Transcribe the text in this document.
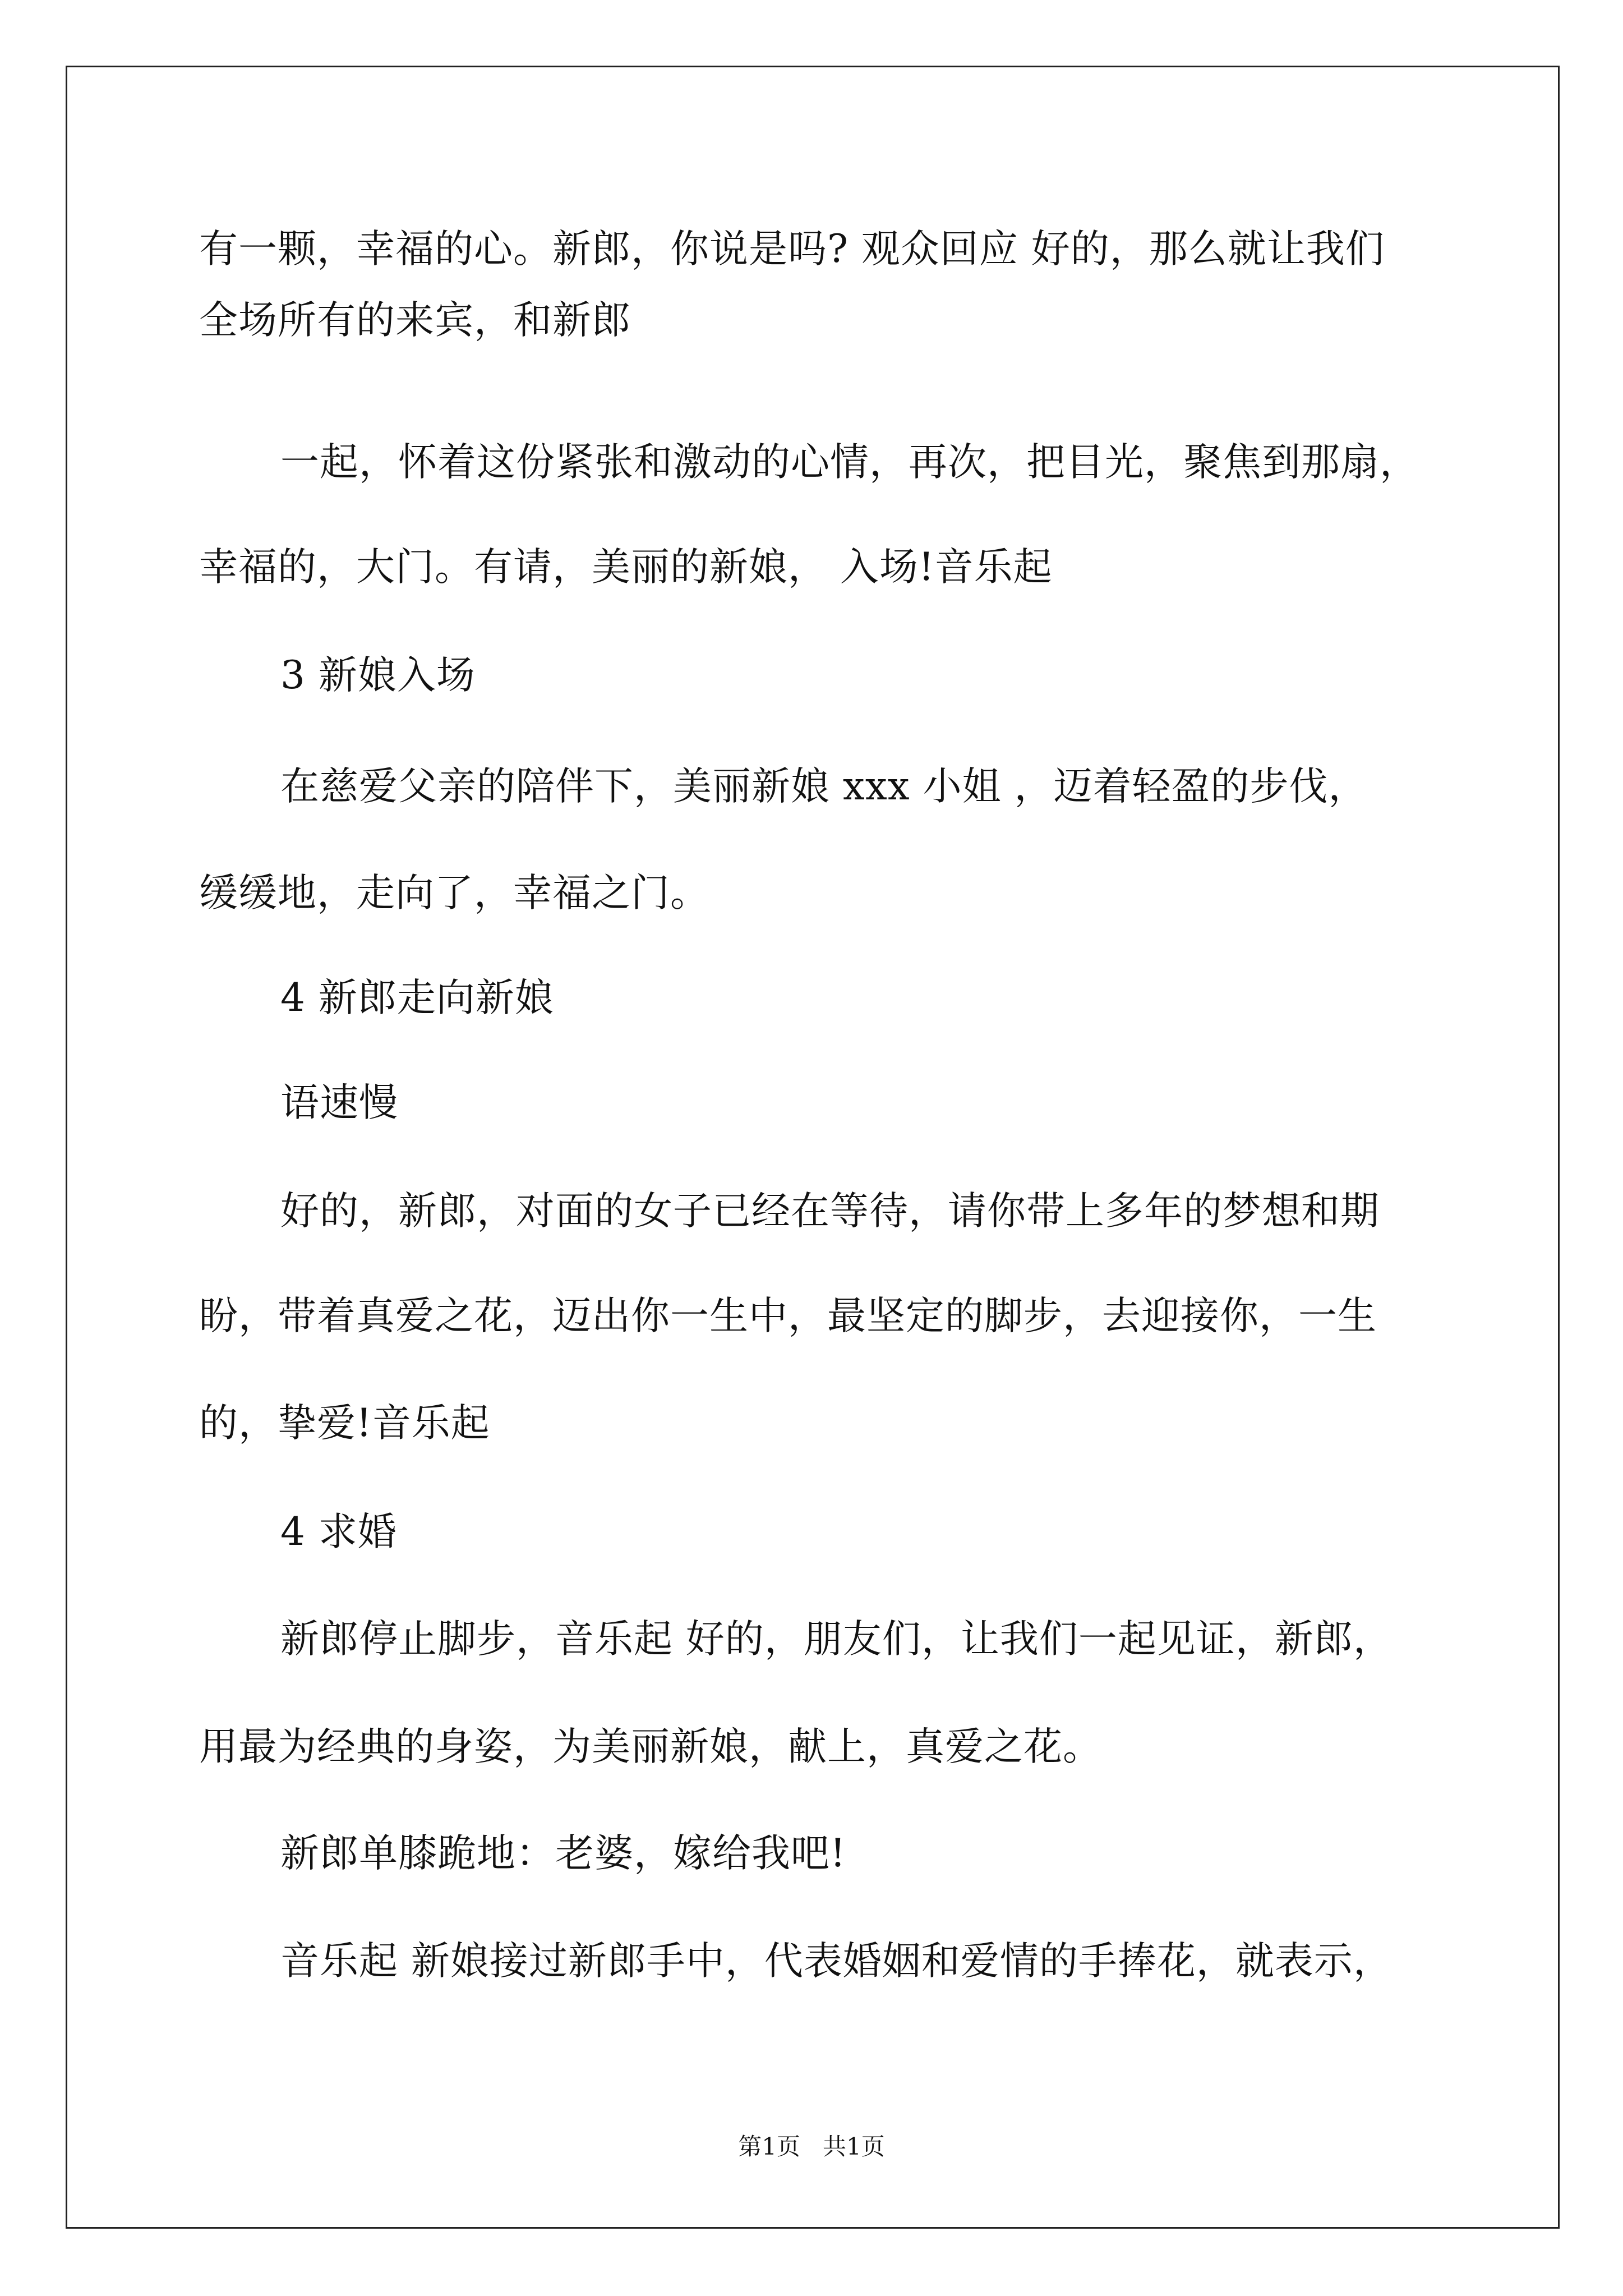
有一颗，幸福的心。新郎，你说是吗? 观众回应 好的，那么就让我们
全场所有的来宾，和新郎
一起，怀着这份紧张和激动的心情，再次，把目光，聚焦到那扇，
幸福的，大门。有请，美丽的新娘， 入场!音乐起
3 新娘入场
在慈爱父亲的陪伴下，美丽新娘 xxx 小姐 ，迈着轻盈的步伐，
缓缓地，走向了，幸福之门。
4 新郎走向新娘
语速慢
好的，新郎，对面的女子已经在等待，请你带上多年的梦想和期
盼，带着真爱之花，迈出你一生中，最坚定的脚步，去迎接你，一生
的，挚爱!音乐起
4 求婚
新郎停止脚步，音乐起 好的，朋友们，让我们一起见证，新郎，
用最为经典的身姿，为美丽新娘，献上，真爱之花。
新郎单膝跪地：老婆，嫁给我吧!
音乐起 新娘接过新郎手中，代表婚姻和爱情的手捧花，就表示，
第1页   共1页
